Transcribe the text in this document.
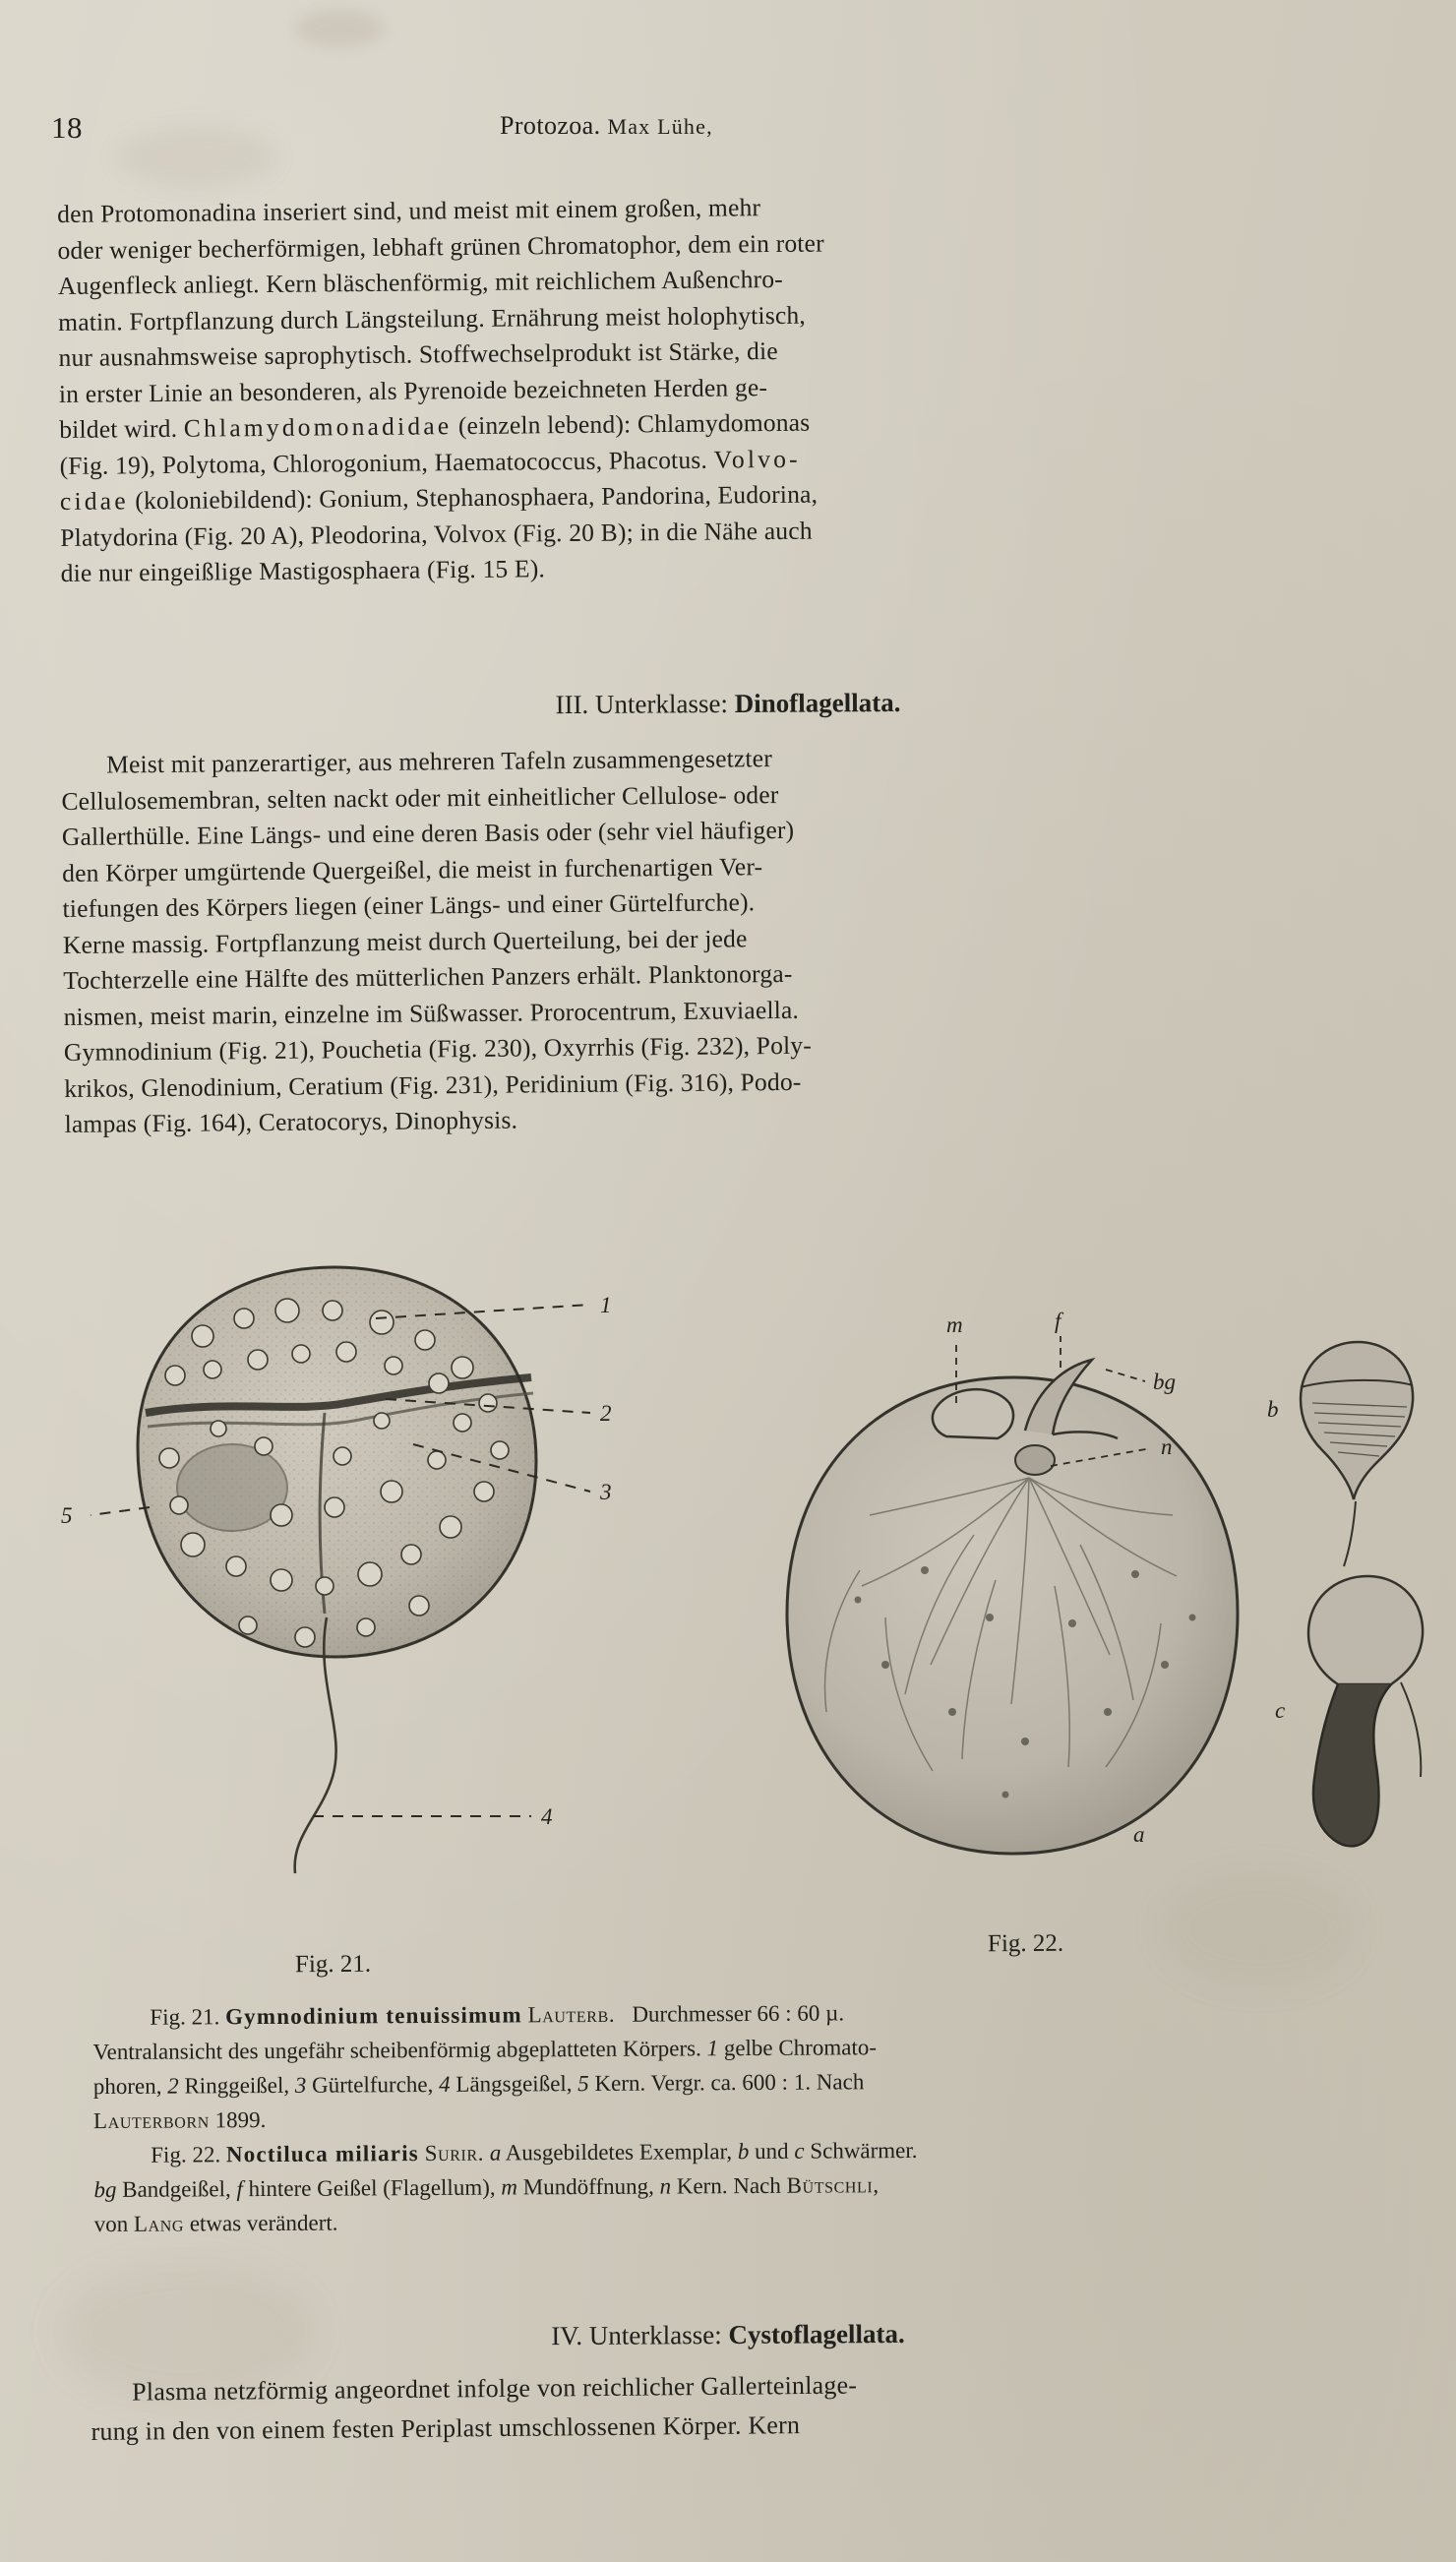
18	Protozoa. Max Lühe,

den Protomonadina inseriert sind, und meist mit einem großen, mehr

oder weniger becherförmigen, lebhaft grünen Chromatophor, dem ein roter

Augenfleck anliegt. Kern bläschenförmig, mit reichlichem Außenchro-

matin. Fortpflanzung durch Längsteilung. Ernährung meist holophytisch,

nur ausnahmsweise saprophytisch. Stoffwechselprodukt ist Stärke, die

in erster Linie an besonderen, als Pyrenoide bezeichneten Herden ge-

bildet wird. Chlamydomonadidae (einzeln lebend): Chlamydomonas

(Fig. 19), Polytoma, Chlorogonium, Haematococcus, Phacotus. Volvo-

cidae (koloniebildend): Gonium, Stephanosphaera, Pandorina, Eudorina,

Platydorina (Fig. 20 A), Pleodorina, Volvox (Fig. 20 B); in die Nähe auch

die nur eingeißlige Mastigosphaera (Fig. 15 E).

III. Unterklasse: Dinoflagellata.

Meist mit panzerartiger, aus mehreren Tafeln zusammengesetzter

Cellulosemembran, selten nackt oder mit einheitlicher Cellulose- oder

Gallerthülle. Eine Längs- und eine deren Basis oder (sehr viel häufiger)

den Körper umgürtende Quergeißel, die meist in furchenartigen Ver-

tiefungen des Körpers liegen (einer Längs- und einer Gürtelfurche).

Kerne massig. Fortpflanzung meist durch Querteilung, bei der jede

Tochterzelle eine Hälfte des mütterlichen Panzers erhält. Planktonorga-

nismen, meist marin, einzelne im Süßwasser. Prorocentrum, Exuviaella.

Gymnodinium (Fig. 21), Pouchetia (Fig. 230), Oxyrrhis (Fig. 232), Poly-

krikos, Glenodinium, Ceratium (Fig. 231), Peridinium (Fig. 316), Podo-

lampas (Fig. 164), Ceratocorys, Dinophysis.

1
2
3
5
4
m	f
bg
n
a
b
c
Fig. 21.
Fig. 22.

Fig. 21. Gymnodinium tenuissimum Lauterb. Durchmesser 66 : 60 µ.

Ventralansicht des ungefähr scheibenförmig abgeplatteten Körpers. 1 gelbe Chromato-

phoren, 2 Ringgeißel, 3 Gürtelfurche, 4 Längsgeißel, 5 Kern. Vergr. ca. 600 : 1. Nach

Lauterborn 1899.

Fig. 22. Noctiluca miliaris Surir. a Ausgebildetes Exemplar, b und c Schwärmer.

bg Bandgeißel, f hintere Geißel (Flagellum), m Mundöffnung, n Kern. Nach Bütschli,

von Lang etwas verändert.

IV. Unterklasse: Cystoflagellata.

Plasma netzförmig angeordnet infolge von reichlicher Gallerteinlage-

rung in den von einem festen Periplast umschlossenen Körper. Kern
